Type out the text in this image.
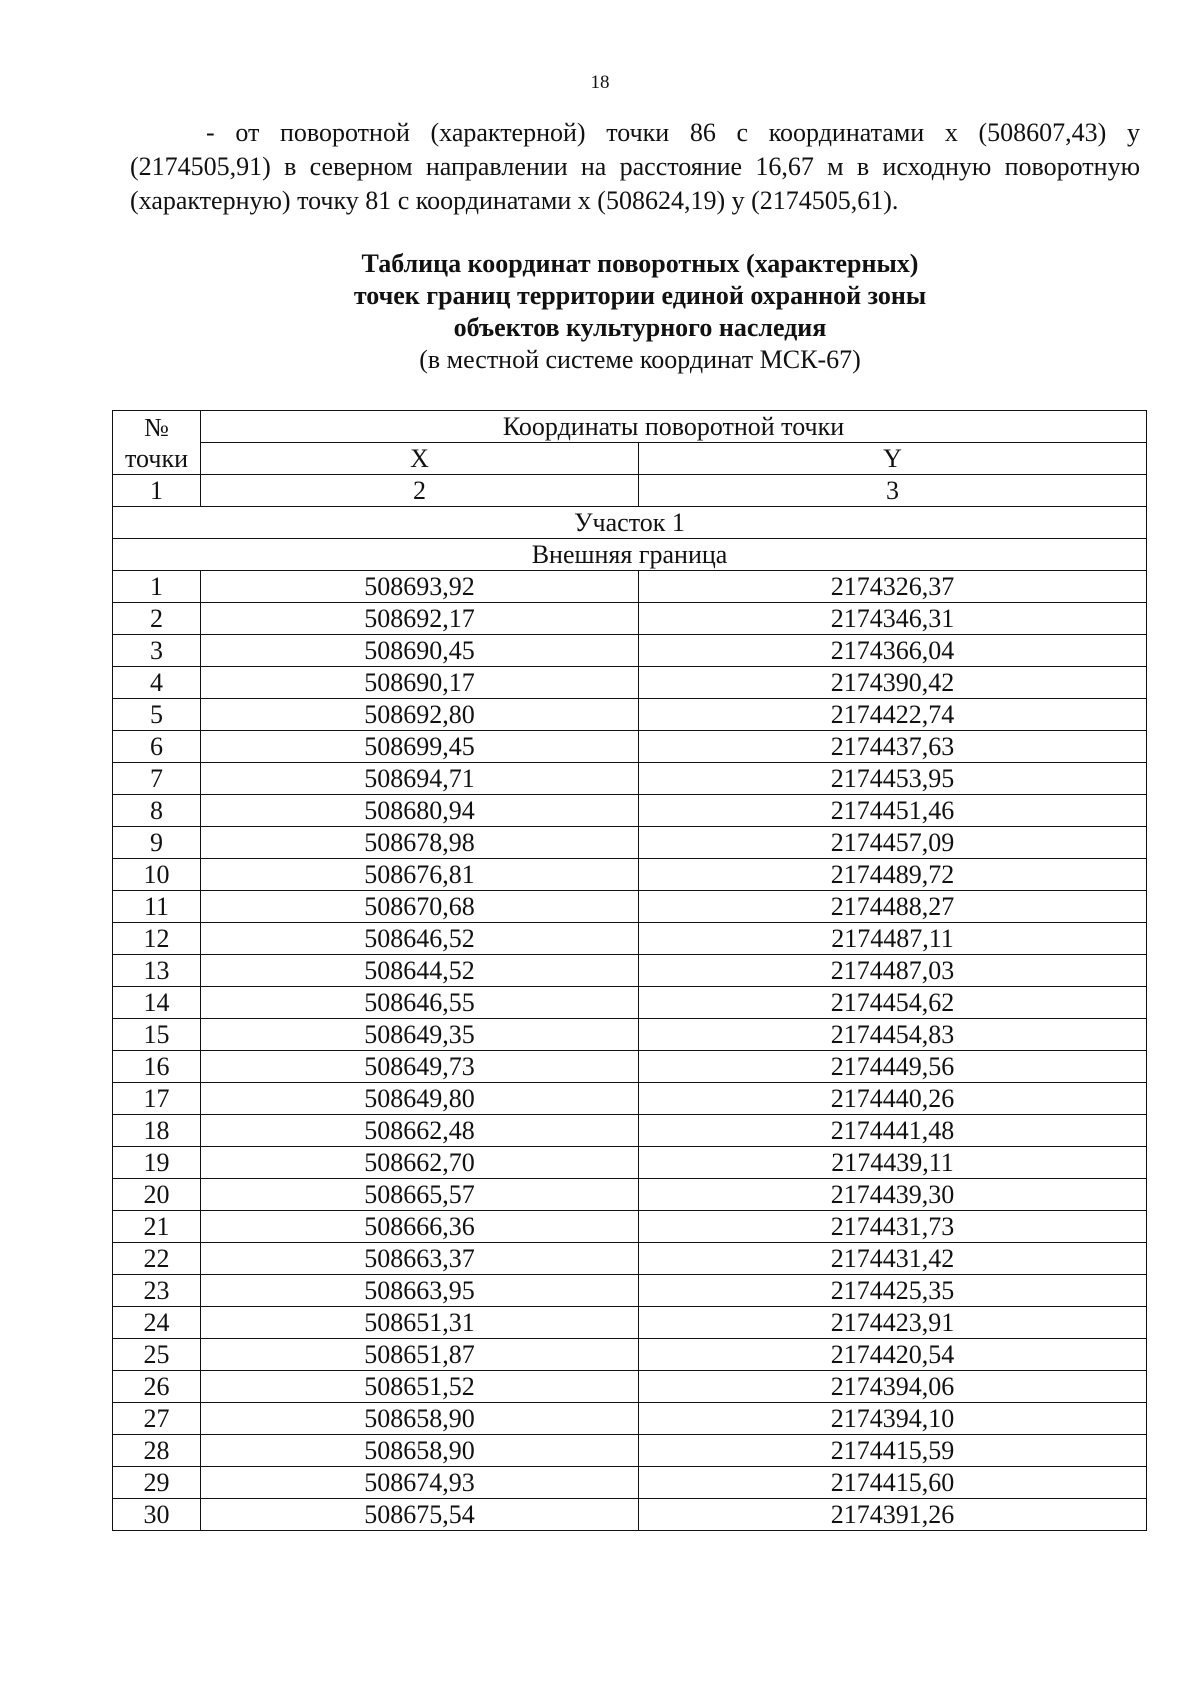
18

- от поворотной (характерной) точки 86 с координатами x (508607,43) y (2174505,91) в северном направлении на расстояние 16,67 м в исходную поворотную (характерную) точку 81 с координатами x (508624,19) y (2174505,61).

Таблица координат поворотных (характерных)
точек границ территории единой охранной зоны
объектов культурного наследия
(в местной системе координат МСК-67)
№
точки	Координаты поворотной точки	
	X	Y
1	2	3
Участок 1		
Внешняя граница		
1	508693,92	2174326,37
2	508692,17	2174346,31
3	508690,45	2174366,04
4	508690,17	2174390,42
5	508692,80	2174422,74
6	508699,45	2174437,63
7	508694,71	2174453,95
8	508680,94	2174451,46
9	508678,98	2174457,09
10	508676,81	2174489,72
11	508670,68	2174488,27
12	508646,52	2174487,11
13	508644,52	2174487,03
14	508646,55	2174454,62
15	508649,35	2174454,83
16	508649,73	2174449,56
17	508649,80	2174440,26
18	508662,48	2174441,48
19	508662,70	2174439,11
20	508665,57	2174439,30
21	508666,36	2174431,73
22	508663,37	2174431,42
23	508663,95	2174425,35
24	508651,31	2174423,91
25	508651,87	2174420,54
26	508651,52	2174394,06
27	508658,90	2174394,10
28	508658,90	2174415,59
29	508674,93	2174415,60
30	508675,54	2174391,26
